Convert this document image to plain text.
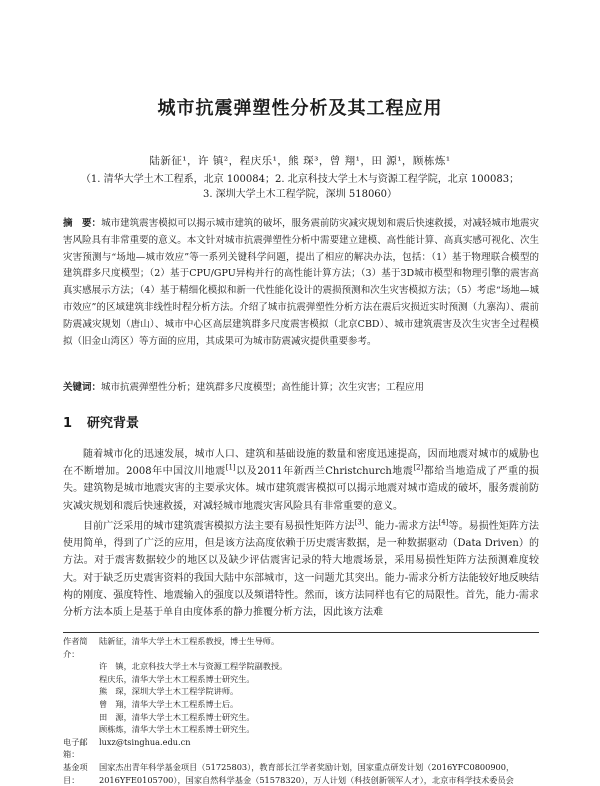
城市抗震弹塑性分析及其工程应用
陆新征¹，许 镇²，程庆乐¹，熊 琛³，曾 翔¹，田 源¹，顾栋炼¹
（1. 清华大学土木工程系，北京 100084；2. 北京科技大学土木与资源工程学院，北京 100083；
3. 深圳大学土木工程学院，深圳 518060）
摘　要：城市建筑震害模拟可以揭示城市建筑的破坏，服务震前防灾减灾规划和震后快速救援，对减轻城市地震灾害风险具有非常重要的意义。本文针对城市抗震弹塑性分析中需要建立建模、高性能计算、高真实感可视化、次生灾害预测与“场地—城市效应”等一系列关键科学问题，提出了相应的解决办法，包括：（1）基于物理联合模型的建筑群多尺度模型；（2）基于CPU/GPU异构并行的高性能计算方法；（3）基于3D城市模型和物理引擎的震害高真实感展示方法；（4）基于精细化模拟和新一代性能化设计的震损预测和次生灾害模拟方法；（5）考虑“场地—城市效应”的区域建筑非线性时程分析方法。介绍了城市抗震弹塑性分析方法在震后灾损近实时预测（九寨沟）、震前防震减灾规划（唐山）、城市中心区高层建筑群多尺度震害模拟（北京CBD）、城市建筑震害及次生灾害全过程模拟（旧金山湾区）等方面的应用，其成果可为城市防震减灾提供重要参考。
关键词：城市抗震弹塑性分析；建筑群多尺度模型；高性能计算；次生灾害；工程应用
1 研究背景
随着城市化的迅速发展，城市人口、建筑和基础设施的数量和密度迅速提高，因而地震对城市的威胁也在不断增加。2008年中国汶川地震[1]以及2011年新西兰Christchurch地震[2]都给当地造成了严重的损失。建筑物是城市地震灾害的主要承灾体。城市建筑震害模拟可以揭示地震对城市造成的破坏，服务震前防灾减灾规划和震后快速救援，对减轻城市地震灾害风险具有非常重要的意义。
目前广泛采用的城市建筑震害模拟方法主要有易损性矩阵方法[3]、能力-需求方法[4]等。易损性矩阵方法使用简单，得到了广泛的应用，但是该方法高度依赖于历史震害数据，是一种数据驱动（Data Driven）的方法。对于震害数据较少的地区以及缺少评估震害记录的特大地震场景，采用易损性矩阵方法预测难度较大。对于缺乏历史震害资料的我国大陆中东部城市，这一问题尤其突出。能力-需求分析方法能较好地反映结构的刚度、强度特性、地震输入的强度以及频谱特性。然而，该方法同样也有它的局限性。首先，能力-需求分析方法本质上是基于单自由度体系的静力推覆分析方法，因此该方法难
作者简介：
陆新征，清华大学土木工程系教授，博士生导师。
许　镇，北京科技大学土木与资源工程学院副教授。
程庆乐，清华大学土木工程系博士研究生。
熊　琛，深圳大学土木工程学院讲师。
曾　翔，清华大学土木工程系博士后。
田　源，清华大学土木工程系博士研究生。
顾栋炼，清华大学土木工程系博士研究生。
电子邮箱：
luxz@tsinghua.edu.cn
基金项目：
国家杰出青年科学基金项目（51725803），教育部长江学者奖励计划，国家重点研发计划（2016YFC0800900，2016YFE0105700），国家自然科学基金（51578320），万人计划（科技创新领军人才），北京市科学技术委员会
